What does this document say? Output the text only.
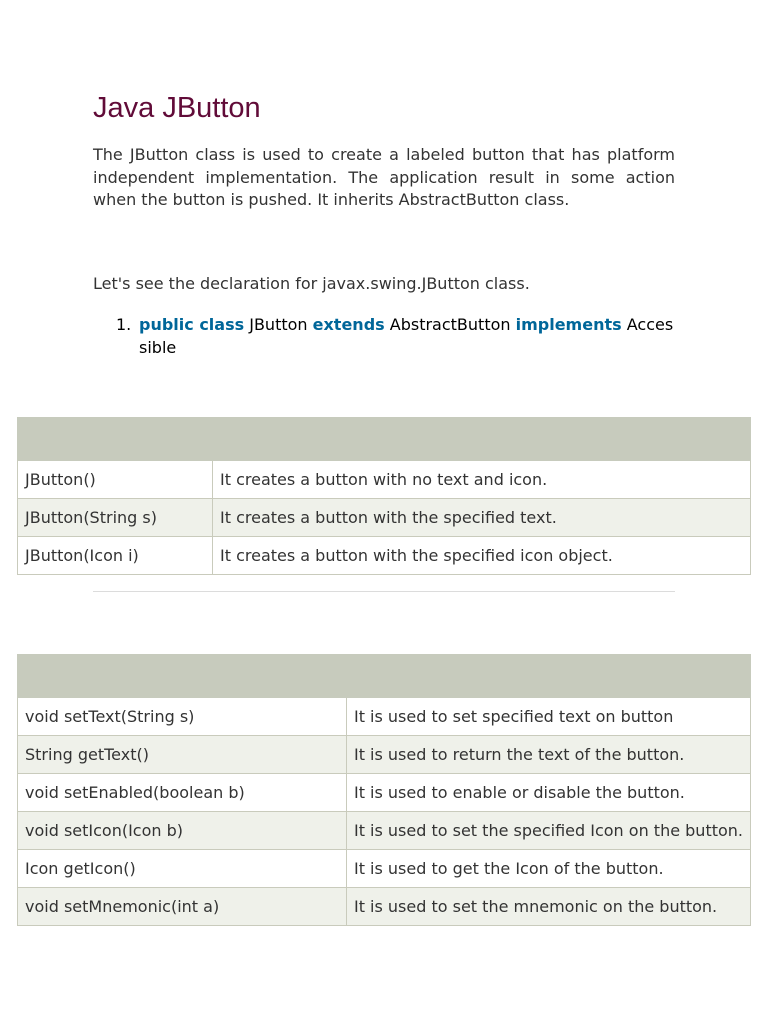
Java JButton

The JButton class is used to create a labeled button that has platform independent implementation. The application result in some action when the button is pushed. It inherits AbstractButton class.

Let's see the declaration for javax.swing.JButton class.

1. public class JButton extends AbstractButton implements Accessible

JButton()	It creates a button with no text and icon.
JButton(String s)	It creates a button with the specified text.
JButton(Icon i)	It creates a button with the specified icon object.

void setText(String s)	It is used to set specified text on button
String getText()	It is used to return the text of the button.
void setEnabled(boolean b)	It is used to enable or disable the button.
void setIcon(Icon b)	It is used to set the specified Icon on the button.
Icon getIcon()	It is used to get the Icon of the button.
void setMnemonic(int a)	It is used to set the mnemonic on the button.
